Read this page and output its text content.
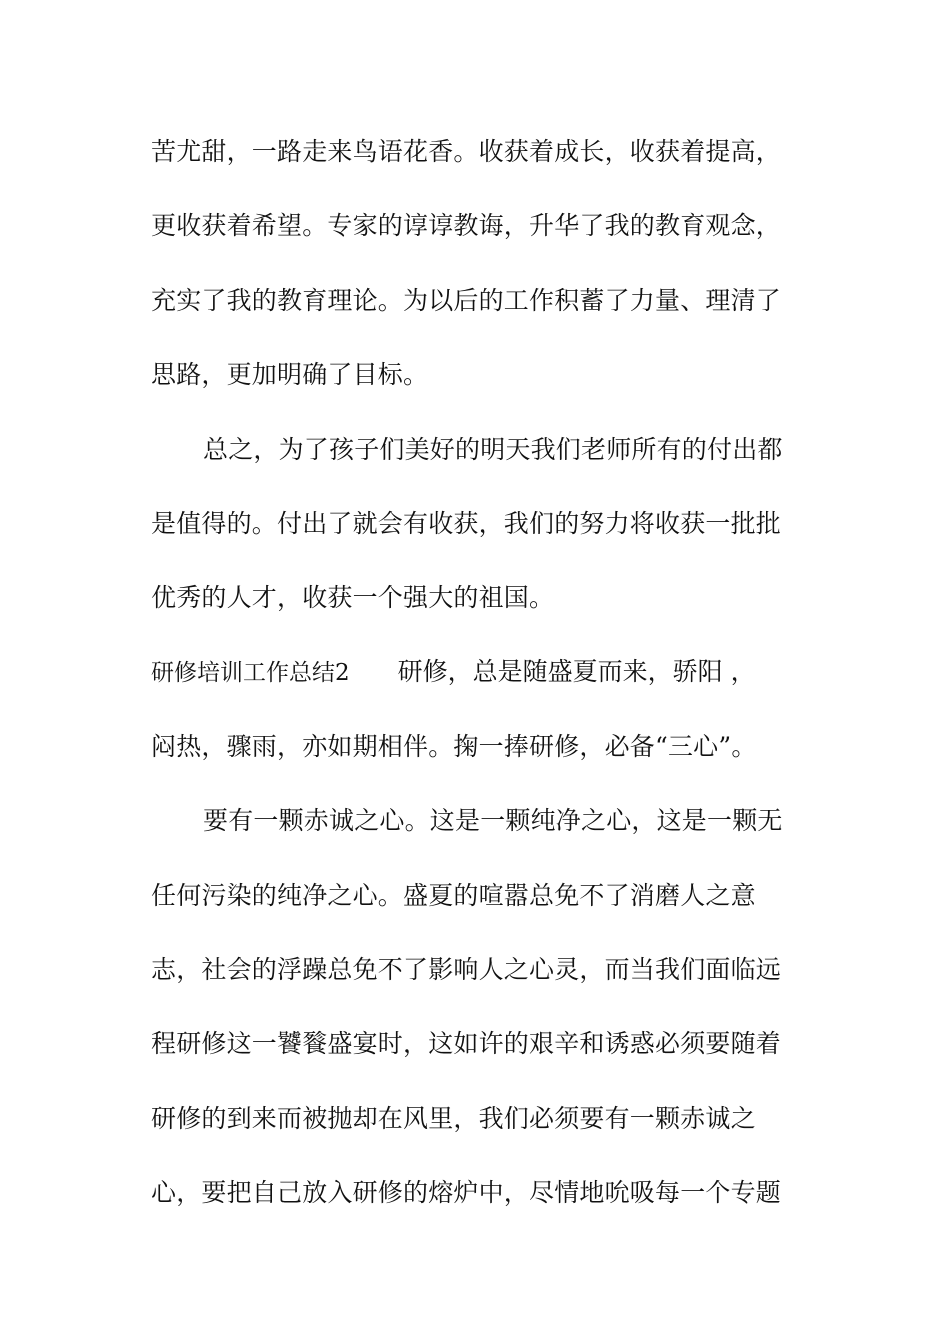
苦尤甜，一路走来鸟语花香。收获着成长，收获着提高，
更收获着希望。专家的谆谆教诲，升华了我的教育观念，
充实了我的教育理论。为以后的工作积蓄了力量、理清了
思路，更加明确了目标。
总之，为了孩子们美好的明天我们老师所有的付出都
是值得的。付出了就会有收获，我们的努力将收获一批批
优秀的人才，收获一个强大的祖国。
研修培训工作总结2 研修，总是随盛夏而来，骄阳 ，
闷热，骤雨，亦如期相伴。掬一捧研修，必备“三心”。
要有一颗赤诚之心。这是一颗纯净之心，这是一颗无
任何污染的纯净之心。盛夏的喧嚣总免不了消磨人之意
志，社会的浮躁总免不了影响人之心灵，而当我们面临远
程研修这一饕餮盛宴时，这如许的艰辛和诱惑必须要随着
研修的到来而被抛却在风里，我们必须要有一颗赤诚之
心，要把自己放入研修的熔炉中，尽情地吮吸每一个专题
